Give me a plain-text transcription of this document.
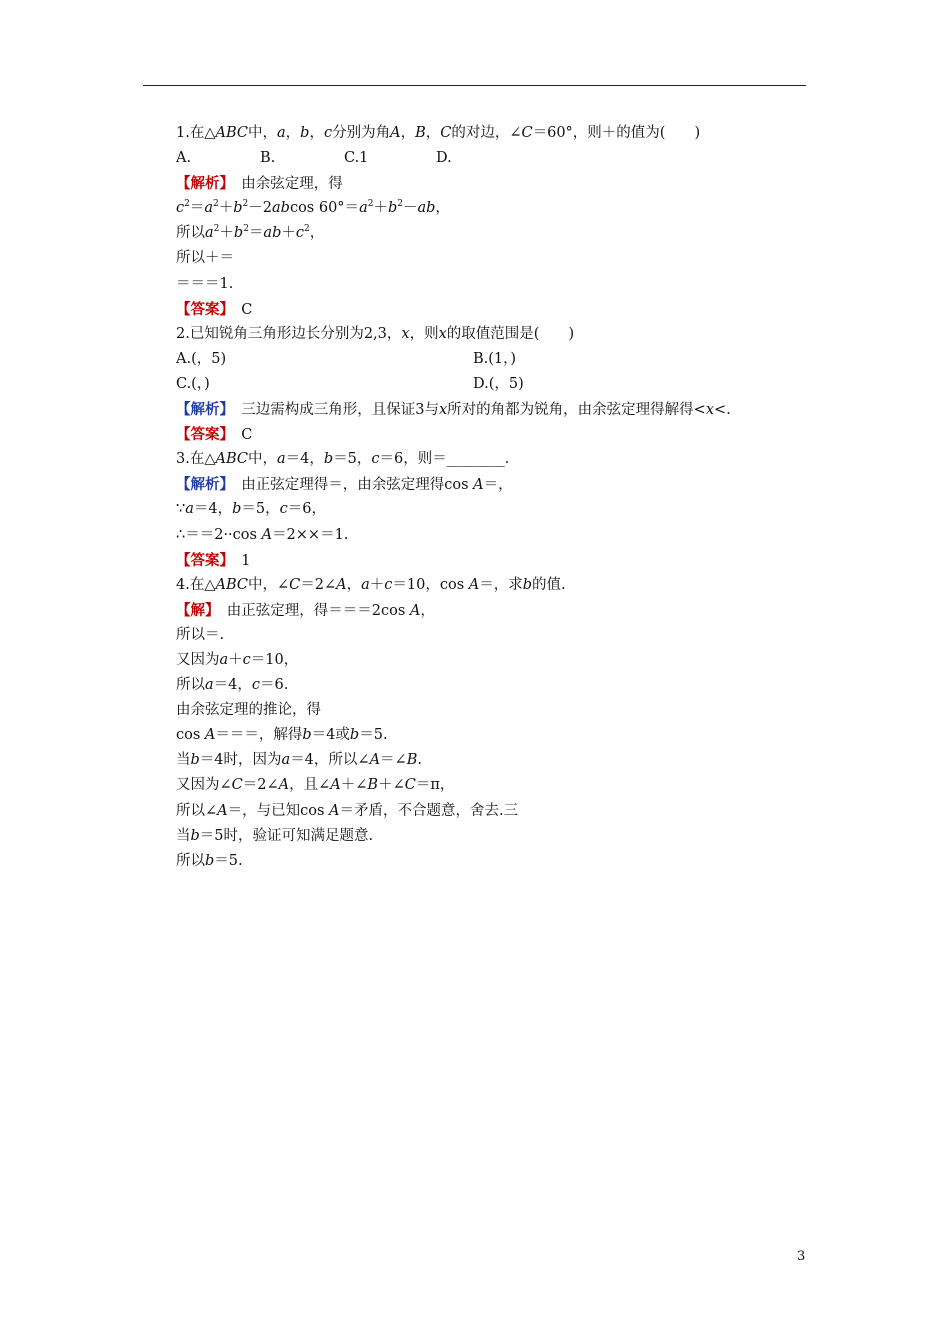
1.在△ABC中，a，b，c分别为角A，B，C的对边，∠C＝60°，则＋的值为(　　)
A.	B.	C.1	D.
【解析】　由余弦定理，得
$c^2=a^2+b^2-2abcos$ $60^\circ=a^2+b^2-ab$，
所以$a^2+b^2=ab+c^2$，
所以＋＝
＝＝＝1.
【答案】　C
2.已知锐角三角形边长分别为2,3，x，则x的取值范围是(　　)
A.(，5)	B.(1，)
C.(，)	D.(，5)
【解析】　三边需构成三角形，且保证3与x所对的角都为锐角，由余弦定理得解得<x<.
【答案】　C
3.在△ABC中，a＝4，b＝5，c＝6，则＝________.
【解析】　由正弦定理得＝，由余弦定理得cos A＝，
∵a＝4，b＝5，c＝6，
∴＝＝2··cos A＝2××＝1.
【答案】　1
4.在△ABC中，∠C＝2∠A，a＋c＝10，cos A＝，求b的值.
【解】　由正弦定理，得＝＝＝2cos A，
所以＝.
又因为a＋c＝10，
所以a＝4，c＝6.
由余弦定理的推论，得
cos A＝＝＝，解得b＝4或b＝5.
当b＝4时，因为a＝4，所以∠A＝∠B.
又因为∠C＝2∠A，且∠A＋∠B＋∠C＝π，
所以∠A＝，与已知cos A＝矛盾，不合题意，舍去.三
当b＝5时，验证可知满足题意.
所以b＝5.
3
